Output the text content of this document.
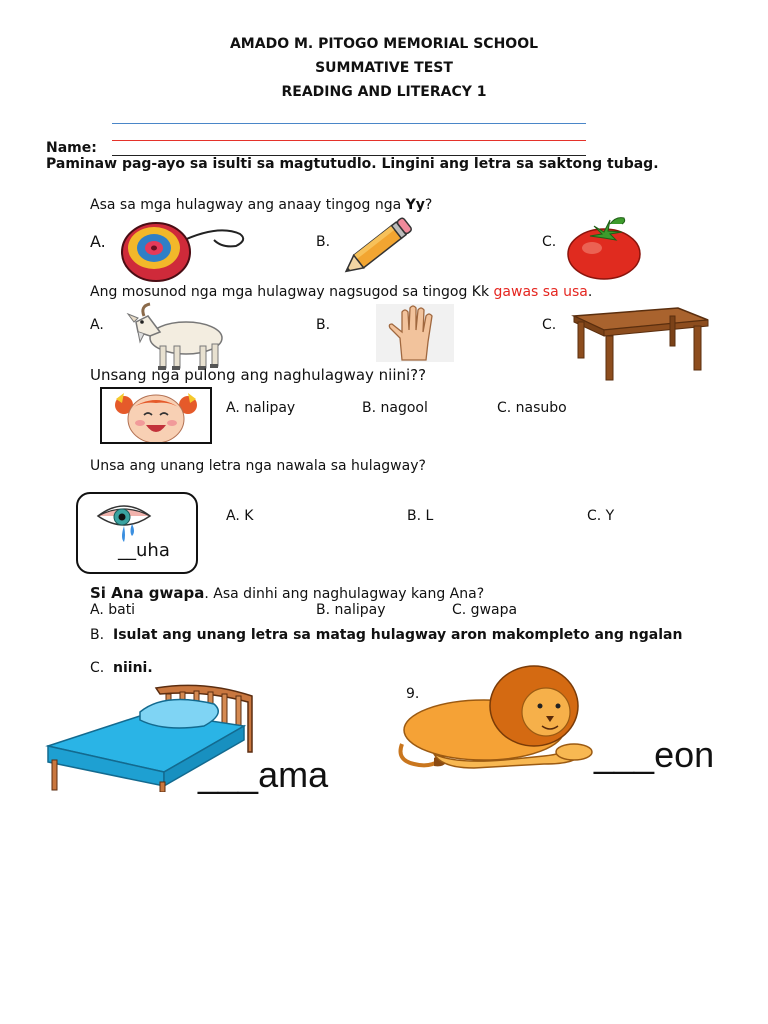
AMADO M. PITOGO MEMORIAL SCHOOL
SUMMATIVE TEST
READING AND LITERACY 1
Name:
Paminaw pag-ayo sa isulti sa magtutudlo. Lingini ang letra sa saktong tubag.
Asa sa mga hulagway ang anaay tingog nga Yy?
A.	B.	C.
Ang mosunod nga mga hulagway nagsugod sa tingog Kk gawas sa usa.
A.	B.	C.
Unsang nga pulong ang naghulagway niini??
A. nalipay	B. nagool	C. nasubo
Unsa ang unang letra nga nawala sa hulagway?
__uha
A. K	B. L	C. Y
Si Ana gwapa. Asa dinhi ang naghulagway kang Ana?
A. bati	B. nalipay	C. gwapa
B. Isulat ang unang letra sa matag hulagway aron makompleto ang ngalan
C. niini.
___ama
9.
___eon
